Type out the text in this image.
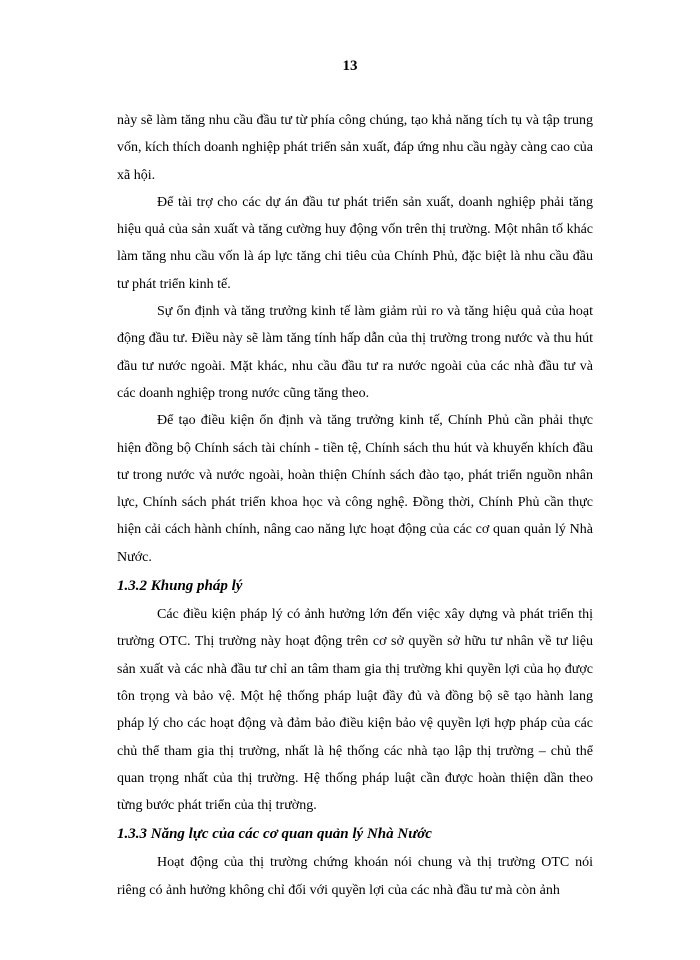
13

này sẽ làm tăng nhu cầu đầu tư từ phía công chúng, tạo khả năng tích tụ và tập trung vốn, kích thích doanh nghiệp phát triển sản xuất, đáp ứng nhu cầu ngày càng cao của xã hội.

Để tài trợ cho các dự án đầu tư phát triển sản xuất, doanh nghiệp phải tăng hiệu quả của sản xuất và tăng cường huy động vốn trên thị trường. Một nhân tố khác làm tăng nhu cầu vốn là áp lực tăng chi tiêu của Chính Phủ, đặc biệt là nhu cầu đầu tư phát triển kinh tế.

Sự ổn định và tăng trưởng kinh tế làm giảm rủi ro và tăng hiệu quả của hoạt động đầu tư. Điều này sẽ làm tăng tính hấp dẫn của thị trường trong nước và thu hút đầu tư nước ngoài. Mặt khác, nhu cầu đầu tư ra nước ngoài của các nhà đầu tư và các doanh nghiệp trong nước cũng tăng theo.

Để tạo điều kiện ổn định và tăng trưởng kinh tế, Chính Phủ cần phải thực hiện đồng bộ Chính sách tài chính - tiền tệ, Chính sách thu hút và khuyến khích đầu tư trong nước và nước ngoài, hoàn thiện Chính sách đào tạo, phát triển nguồn nhân lực, Chính sách phát triển khoa học và công nghệ. Đồng thời, Chính Phủ cần thực hiện cải cách hành chính, nâng cao năng lực hoạt động của các cơ quan quản lý Nhà Nước.

1.3.2 Khung pháp lý

Các điều kiện pháp lý có ảnh hưởng lớn đến việc xây dựng và phát triển thị trường OTC. Thị trường này hoạt động trên cơ sở quyền sở hữu tư nhân về tư liệu sản xuất và các nhà đầu tư chỉ an tâm tham gia thị trường khi quyền lợi của họ được tôn trọng và bảo vệ. Một hệ thống pháp luật đầy đủ và đồng bộ sẽ tạo hành lang pháp lý cho các hoạt động và đảm bảo điều kiện bảo vệ quyền lợi hợp pháp của các chủ thể tham gia thị trường, nhất là hệ thống các nhà tạo lập thị trường – chủ thể quan trọng nhất của thị trường. Hệ thống pháp luật cần được hoàn thiện dần theo từng bước phát triển của thị trường.

1.3.3 Năng lực của các cơ quan quản lý Nhà Nước

Hoạt động của thị trường chứng khoán nói chung và thị trường OTC nói riêng có ảnh hưởng không chỉ đối với quyền lợi của các nhà đầu tư mà còn ảnh
